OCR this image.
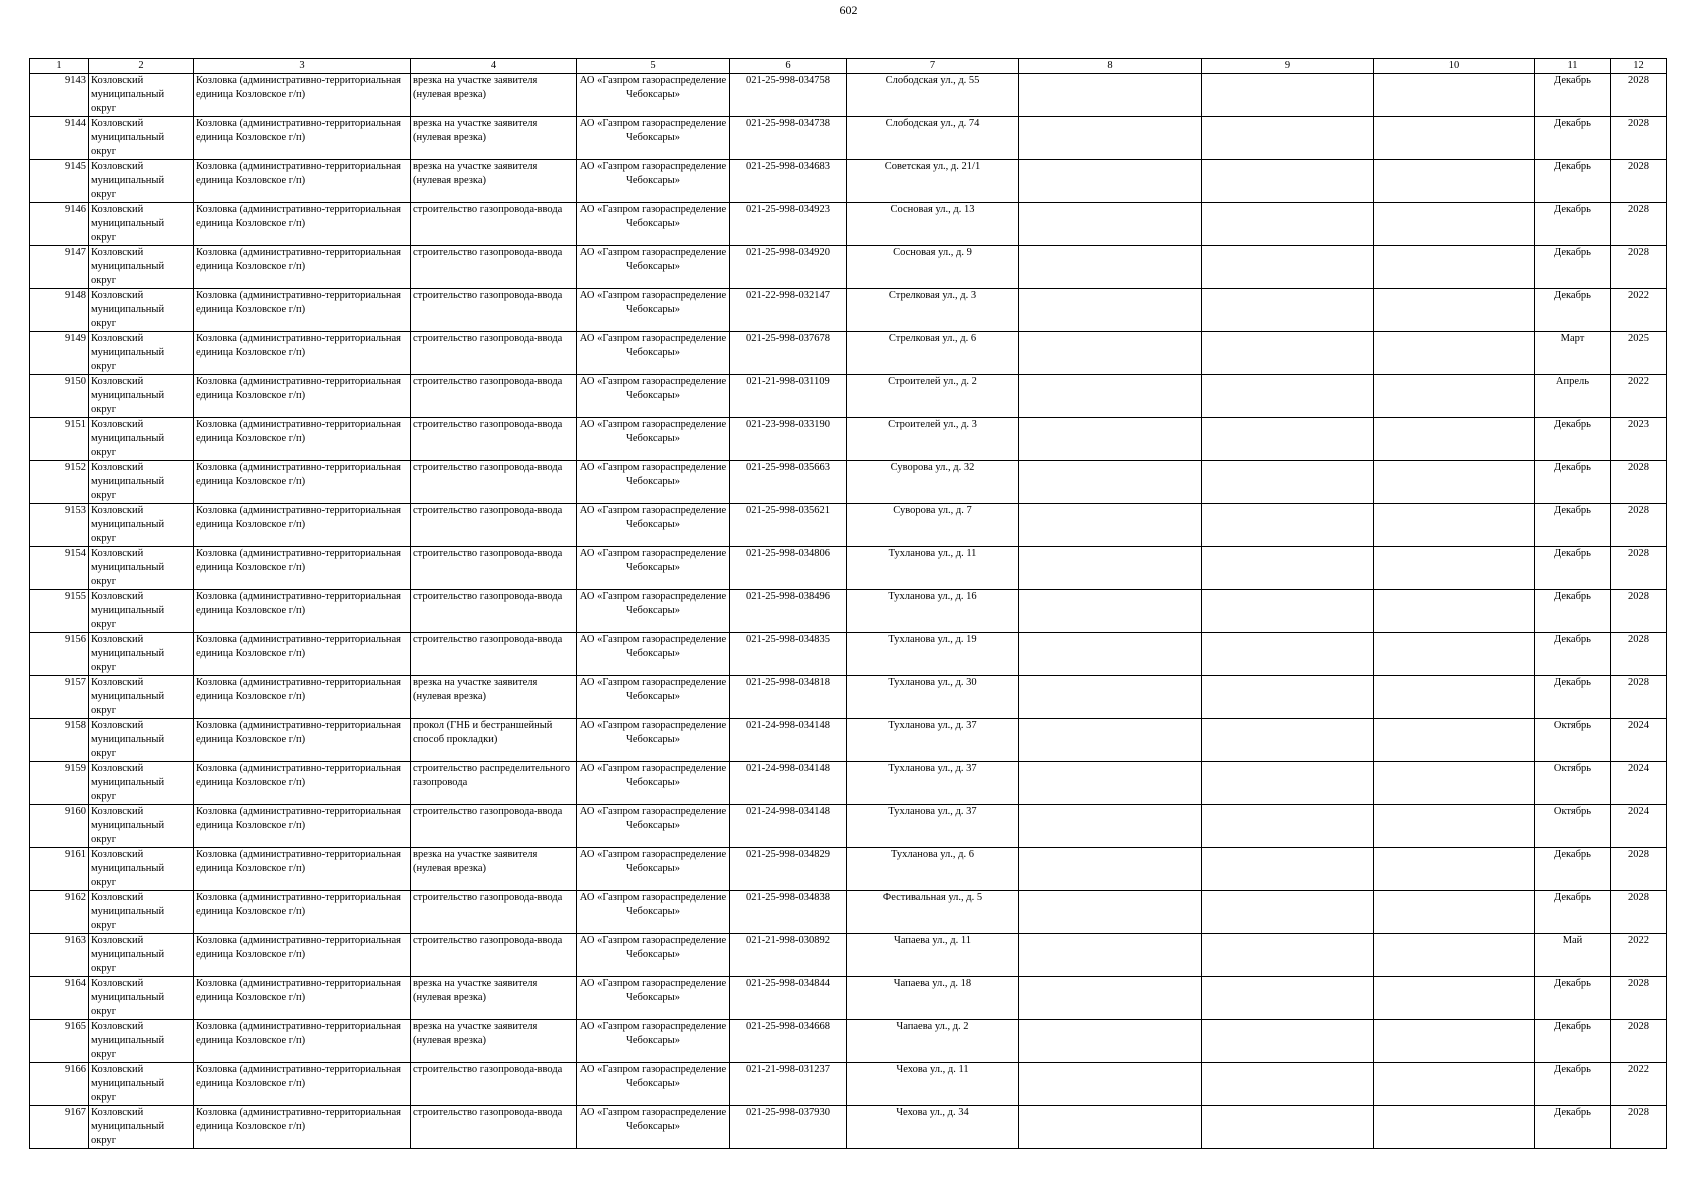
602
1	2	3	4	5	6	7	8	9	10	11	12

9143	Козловский муниципальный округ	Козловка (административно-территориальная единица Козловское г/п)	врезка на участке заявителя (нулевая врезка)	АО «Газпром газораспределение Чебоксары»	021-25-998-034758	Слободская ул., д. 55				Декабрь	2028

9144	Козловский муниципальный округ	Козловка (административно-территориальная единица Козловское г/п)	врезка на участке заявителя (нулевая врезка)	АО «Газпром газораспределение Чебоксары»	021-25-998-034738	Слободская ул., д. 74				Декабрь	2028

9145	Козловский муниципальный округ	Козловка (административно-территориальная единица Козловское г/п)	врезка на участке заявителя (нулевая врезка)	АО «Газпром газораспределение Чебоксары»	021-25-998-034683	Советская ул., д. 21/1				Декабрь	2028

9146	Козловский муниципальный округ	Козловка (административно-территориальная единица Козловское г/п)	строительство газопровода-ввода	АО «Газпром газораспределение Чебоксары»	021-25-998-034923	Сосновая ул., д. 13				Декабрь	2028

9147	Козловский муниципальный округ	Козловка (административно-территориальная единица Козловское г/п)	строительство газопровода-ввода	АО «Газпром газораспределение Чебоксары»	021-25-998-034920	Сосновая ул., д. 9				Декабрь	2028

9148	Козловский муниципальный округ	Козловка (административно-территориальная единица Козловское г/п)	строительство газопровода-ввода	АО «Газпром газораспределение Чебоксары»	021-22-998-032147	Стрелковая ул., д. 3				Декабрь	2022

9149	Козловский муниципальный округ	Козловка (административно-территориальная единица Козловское г/п)	строительство газопровода-ввода	АО «Газпром газораспределение Чебоксары»	021-25-998-037678	Стрелковая ул., д. 6				Март	2025

9150	Козловский муниципальный округ	Козловка (административно-территориальная единица Козловское г/п)	строительство газопровода-ввода	АО «Газпром газораспределение Чебоксары»	021-21-998-031109	Строителей ул., д. 2				Апрель	2022

9151	Козловский муниципальный округ	Козловка (административно-территориальная единица Козловское г/п)	строительство газопровода-ввода	АО «Газпром газораспределение Чебоксары»	021-23-998-033190	Строителей ул., д. 3				Декабрь	2023

9152	Козловский муниципальный округ	Козловка (административно-территориальная единица Козловское г/п)	строительство газопровода-ввода	АО «Газпром газораспределение Чебоксары»	021-25-998-035663	Суворова ул., д. 32				Декабрь	2028

9153	Козловский муниципальный округ	Козловка (административно-территориальная единица Козловское г/п)	строительство газопровода-ввода	АО «Газпром газораспределение Чебоксары»	021-25-998-035621	Суворова ул., д. 7				Декабрь	2028

9154	Козловский муниципальный округ	Козловка (административно-территориальная единица Козловское г/п)	строительство газопровода-ввода	АО «Газпром газораспределение Чебоксары»	021-25-998-034806	Тухланова ул., д. 11				Декабрь	2028

9155	Козловский муниципальный округ	Козловка (административно-территориальная единица Козловское г/п)	строительство газопровода-ввода	АО «Газпром газораспределение Чебоксары»	021-25-998-038496	Тухланова ул., д. 16				Декабрь	2028

9156	Козловский муниципальный округ	Козловка (административно-территориальная единица Козловское г/п)	строительство газопровода-ввода	АО «Газпром газораспределение Чебоксары»	021-25-998-034835	Тухланова ул., д. 19				Декабрь	2028

9157	Козловский муниципальный округ	Козловка (административно-территориальная единица Козловское г/п)	врезка на участке заявителя (нулевая врезка)	АО «Газпром газораспределение Чебоксары»	021-25-998-034818	Тухланова ул., д. 30				Декабрь	2028

9158	Козловский муниципальный округ	Козловка (административно-территориальная единица Козловское г/п)	прокол (ГНБ и бестраншейный способ прокладки)	АО «Газпром газораспределение Чебоксары»	021-24-998-034148	Тухланова ул., д. 37				Октябрь	2024

9159	Козловский муниципальный округ	Козловка (административно-территориальная единица Козловское г/п)	строительство распределительного газопровода	АО «Газпром газораспределение Чебоксары»	021-24-998-034148	Тухланова ул., д. 37				Октябрь	2024

9160	Козловский муниципальный округ	Козловка (административно-территориальная единица Козловское г/п)	строительство газопровода-ввода	АО «Газпром газораспределение Чебоксары»	021-24-998-034148	Тухланова ул., д. 37				Октябрь	2024

9161	Козловский муниципальный округ	Козловка (административно-территориальная единица Козловское г/п)	врезка на участке заявителя (нулевая врезка)	АО «Газпром газораспределение Чебоксары»	021-25-998-034829	Тухланова ул., д. 6				Декабрь	2028

9162	Козловский муниципальный округ	Козловка (административно-территориальная единица Козловское г/п)	строительство газопровода-ввода	АО «Газпром газораспределение Чебоксары»	021-25-998-034838	Фестивальная ул., д. 5				Декабрь	2028

9163	Козловский муниципальный округ	Козловка (административно-территориальная единица Козловское г/п)	строительство газопровода-ввода	АО «Газпром газораспределение Чебоксары»	021-21-998-030892	Чапаева ул., д. 11				Май	2022

9164	Козловский муниципальный округ	Козловка (административно-территориальная единица Козловское г/п)	врезка на участке заявителя (нулевая врезка)	АО «Газпром газораспределение Чебоксары»	021-25-998-034844	Чапаева ул., д. 18				Декабрь	2028

9165	Козловский муниципальный округ	Козловка (административно-территориальная единица Козловское г/п)	врезка на участке заявителя (нулевая врезка)	АО «Газпром газораспределение Чебоксары»	021-25-998-034668	Чапаева ул., д. 2				Декабрь	2028

9166	Козловский муниципальный округ	Козловка (административно-территориальная единица Козловское г/п)	строительство газопровода-ввода	АО «Газпром газораспределение Чебоксары»	021-21-998-031237	Чехова ул., д. 11				Декабрь	2022

9167	Козловский муниципальный округ	Козловка (административно-территориальная единица Козловское г/п)	строительство газопровода-ввода	АО «Газпром газораспределение Чебоксары»	021-25-998-037930	Чехова ул., д. 34				Декабрь	2028
